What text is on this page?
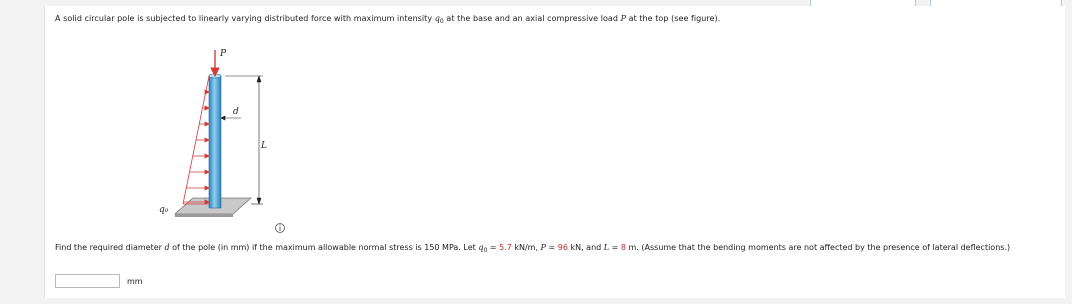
A solid circular pole is subjected to linearly varying distributed force with maximum intensity $q_0$ at the base and an axial compressive load P at the top (see figure).
P
d
L
q₀
Find the required diameter d of the pole (in mm) if the maximum allowable normal stress is 150 MPa. Let $q_0 = 5.7$ kN/m, P = 96 kN, and L = 8 m. (Assume that the bending moments are not affected by the presence of lateral deflections.)
mm
